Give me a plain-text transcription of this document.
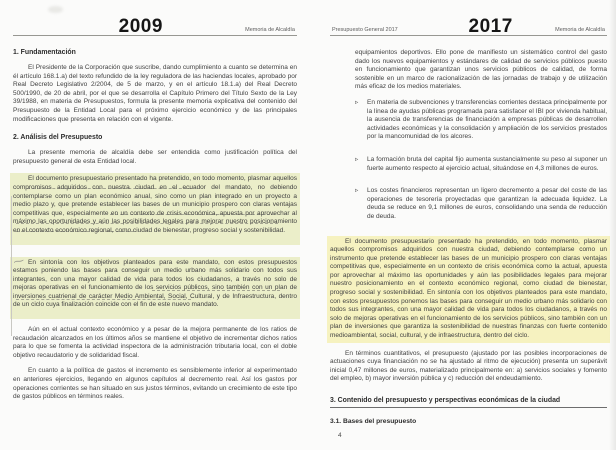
2009	Memoria de Alcaldía
1. Fundamentación

El Presidente de la Corporación que suscribe, dando cumplimiento a cuanto se determina en él artículo 168.1.a) del texto refundido de la ley reguladora de las haciendas locales, aprobado por Real Decreto Legislativo 2/2004, de 5 de marzo, y en el artículo 18.1.a) del Real Decreto 500/1990, de 20 de abril, por el que se desarrolla el Capítulo Primero del Título Sexto de la Ley 39/1988, en materia de Presupuestos, formula la presente memoria explicativa del contenido del Presupuesto de la Entidad Local para el próximo ejercicio económico y de las principales modificaciones que presenta en relación con el vigente.

2. Análisis del Presupuesto

La presente memoria de alcaldía debe ser entendida como justificación política del presupuesto general de esta Entidad local.

El documento presupuestario presentado ha pretendido, en todo momento, plasmar aquellos compromisos adquiridos con nuestra ciudad en el ecuador del mandato, no debiendo contemplarse como un plan económico anual, sino como un plan integrado en un proyecto a medio plazo y, que pretende establecer las bases de un municipio prospero con claras ventajas competitivas que, especialmente en un contexto de crisis económica, apuesta por aprovechar al máximo las oportunidades y aún las posibilidades legales para mejorar nuestro posicionamiento en el contexto económico regional, como ciudad de bienestar, progreso social y sostenibilidad.

En sintonía con los objetivos planteados para este mandato, con estos presupuestos estamos poniendo las bases para conseguir un medio urbano más solidario con todos sus integrantes, con una mayor calidad de vida para todos los ciudadanos, a través no solo de mejoras operativas en el funcionamiento de los servicios públicos, sino también con un plan de inversiones cuatrienal de carácter Medio Ambiental, Social, Cultural, y de Infraestructura, dentro de un ciclo cuya finalización coincide con el fin de este nuevo mandato.

Aún en el actual contexto económico y a pesar de la mejora permanente de los ratios de recaudación alcanzados en los últimos años se mantiene el objetivo de incrementar dichos ratios para lo que se fomenta la actividad inspectora de la administración tributaria local, con el doble objetivo recaudatorio y de solidaridad fiscal.

En cuanto a la política de gastos el incremento es sensiblemente inferior al experimentado en anteriores ejercicios, llegando en algunos capítulos al decremento real. Así los gastos por operaciones corrientes se han situado en sus justos términos, evitando un crecimiento de este tipo de gastos públicos en términos reales.

∼
Presupuesto General 2017	2017	Memoria de Alcaldía

equipamientos deportivos. Ello pone de manifiesto un sistemático control del gasto dado los nuevos equipamientos y estándares de calidad de servicios públicos puesto en funcionamiento que garantizan unos servicios públicos de calidad, de forma sostenible en un marco de racionalización de las jornadas de trabajo y de utilización más eficaz de los medios materiales.

▹	En materia de subvenciones y transferencias corrientes destaca principalmente por la línea de ayudas públicas programada para satisfacer el IBI por vivienda habitual, la ausencia de transferencias de financiación a empresas públicas de desarrollen actividades económicas y la consolidación y ampliación de los servicios prestados por la mancomunidad de los alcores.

▹	La formación bruta del capital fijo aumenta sustancialmente su peso al suponer un fuerte aumento respecto al ejercicio actual, situándose en 4,3 millones de euros.

▹	Los costes financieros representan un ligero decremento a pesar del coste de las operaciones de tesorería proyectadas que garantizan la adecuada liquidez. La deuda se reduce en 9,1 millones de euros, consolidando una senda de reducción de deuda.

El documento presupuestario presentado ha pretendido, en todo momento, plasmar aquellos compromisos adquiridos con nuestra ciudad, debiendo contemplarse como un instrumento que pretende establecer las bases de un municipio prospero con claras ventajas competitivas que, especialmente en un contexto de crisis económica como la actual, apuesta por aprovechar al máximo las oportunidades y aún las posibilidades legales para mejorar nuestro posicionamiento en el contexto económico regional, como ciudad de bienestar, progreso social y sostenibilidad. En sintonía con los objetivos planteados para este mandato, con estos presupuestos ponemos las bases para conseguir un medio urbano más solidario con todos sus integrantes, con una mayor calidad de vida para todos los ciudadanos, a través no solo de mejoras operativas en el funcionamiento de los servicios públicos, sino también con un plan de inversiones que garantiza la sostenibilidad de nuestras finanzas con fuerte contenido medioambiental, social, cultural, y de infraestructura, dentro del ciclo.

En términos cuantitativos, el presupuesto (ajustado por las posibles incorporaciones de actuaciones cuya financiación no se ha ajustado al ritmo de ejecución) presenta un superávit inicial 0,47 millones de euros, materializado principalmente en: a) servicios sociales y fomento del empleo, b) mayor inversión pública y c) reducción del endeudamiento.

3. Contenido del presupuesto y perspectivas económicas de la ciudad
3.1. Bases del presupuesto
4
